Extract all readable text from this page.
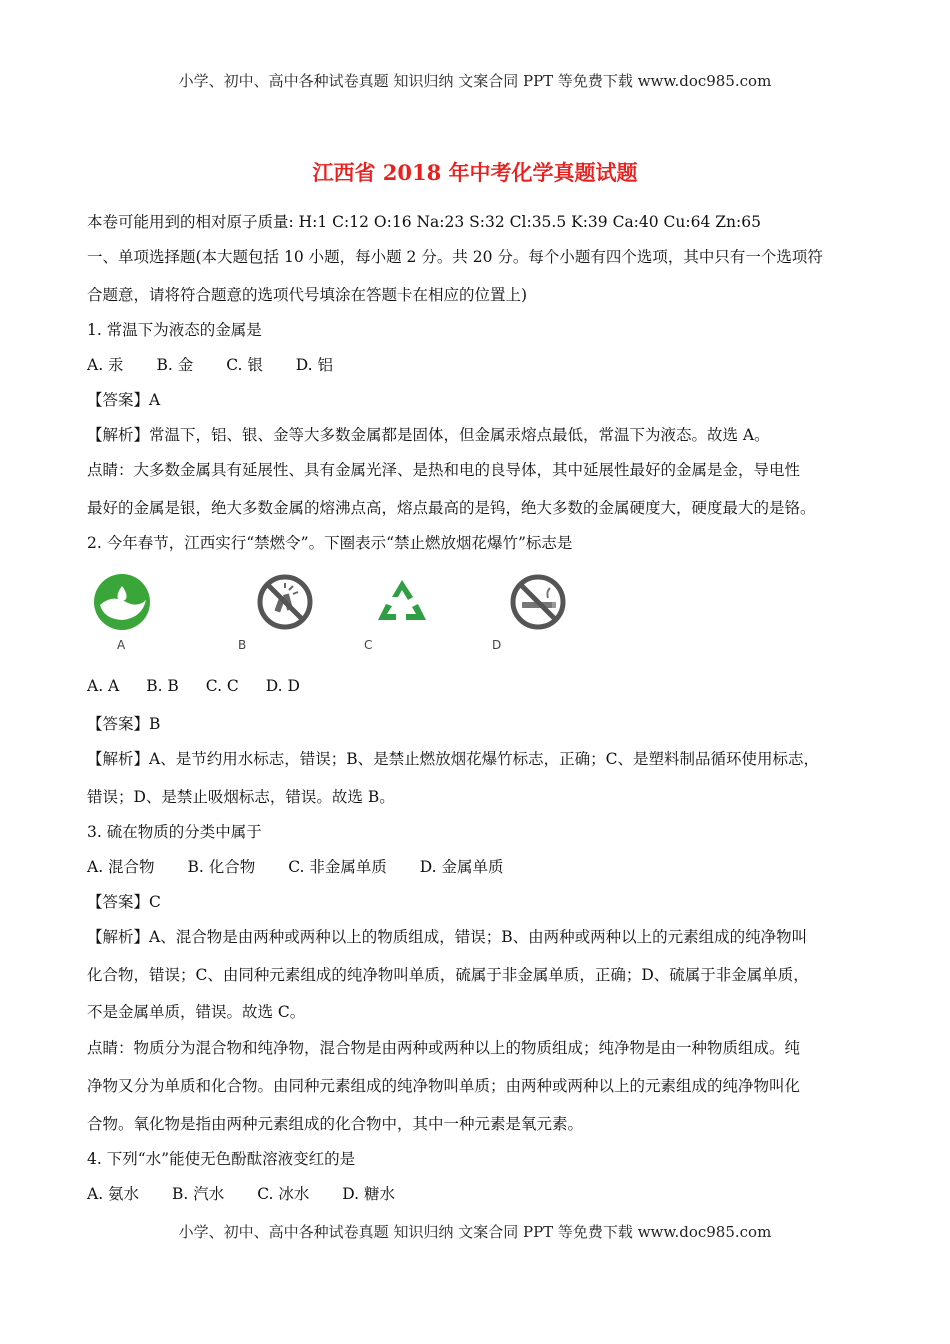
小学、初中、高中各种试卷真题 知识归纳 文案合同 PPT 等免费下载 www.doc985.com
江西省 2018 年中考化学真题试题
本卷可能用到的相对原子质量: H:1 C:12 O:16 Na:23 S:32 Cl:35.5 K:39 Ca:40 Cu:64 Zn:65
一、单项选择题(本大题包括 10 小题，每小题 2 分。共 20 分。每个小题有四个选项，其中只有一个选项符
合题意，请将符合题意的选项代号填涂在答题卡在相应的位置上)
1. 常温下为液态的金属是
A. 汞 B. 金 C. 银 D. 铝
【答案】A
【解析】常温下，铝、银、金等大多数金属都是固体，但金属汞熔点最低，常温下为液态。故选 A。
点睛：大多数金属具有延展性、具有金属光泽、是热和电的良导体，其中延展性最好的金属是金，导电性
最好的金属是银，绝大多数金属的熔沸点高，熔点最高的是钨，绝大多数的金属硬度大，硬度最大的是铬。
2. 今年春节，江西实行“禁燃令”。下圈表示“禁止燃放烟花爆竹”标志是
A	B	C	D
A. A B. B C. C D. D
【答案】B
【解析】A、是节约用水标志，错误；B、是禁止燃放烟花爆竹标志，正确；C、是塑料制品循环使用标志，
错误；D、是禁止吸烟标志，错误。故选 B。
3. 硫在物质的分类中属于
A. 混合物 B. 化合物 C. 非金属单质 D. 金属单质
【答案】C
【解析】A、混合物是由两种或两种以上的物质组成，错误；B、由两种或两种以上的元素组成的纯净物叫
化合物，错误；C、由同种元素组成的纯净物叫单质，硫属于非金属单质，正确；D、硫属于非金属单质，
不是金属单质，错误。故选 C。
点睛：物质分为混合物和纯净物，混合物是由两种或两种以上的物质组成；纯净物是由一种物质组成。纯
净物又分为单质和化合物。由同种元素组成的纯净物叫单质；由两种或两种以上的元素组成的纯净物叫化
合物。氧化物是指由两种元素组成的化合物中，其中一种元素是氧元素。
4. 下列“水”能使无色酚酞溶液变红的是
A. 氨水 B. 汽水 C. 冰水 D. 糖水
小学、初中、高中各种试卷真题 知识归纳 文案合同 PPT 等免费下载 www.doc985.com
